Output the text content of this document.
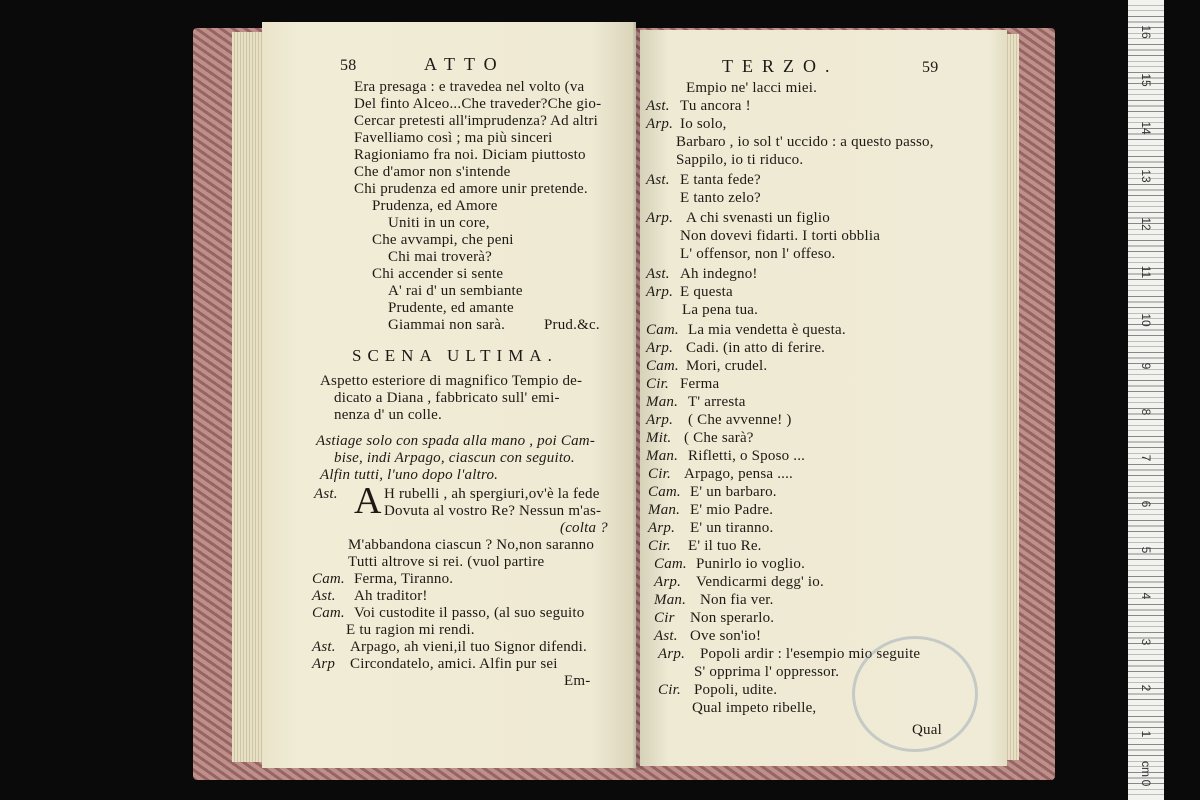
58	ATTO
Era presaga : e travedea nel volto (va
Del finto Alceo...Che traveder?Che gio-
Cercar pretesti all'imprudenza? Ad altri
Favelliamo così ; ma più sinceri
Ragioniamo fra noi. Diciam piuttosto
Che d'amor non s'intende
Chi prudenza ed amore unir pretende.
Prudenza, ed Amore
Uniti in un core,
Che avvampi, che peni
Chi mai troverà?
Chi accender si sente
A' rai d' un sembiante
Prudente, ed amante
Giammai non sarà.	Prud.&c.
SCENA ULTIMA.
Aspetto esteriore di magnifico Tempio de-
dicato a Diana , fabbricato sull' emi-
nenza d' un colle.
Astiage solo con spada alla mano , poi Cam-
bise, indi Arpago, ciascun con seguito.
Alfin tutti, l'uno dopo l'altro.
Ast. A H rubelli , ah spergiuri,ov'è la fede
Dovuta al vostro Re? Nessun m'as-
(colta ?
M'abbandona ciascun ? No,non saranno
Tutti altrove si rei. (vuol partire
Cam. Ferma, Tiranno.
Ast. Ah traditor!
Cam. Voi custodite il passo, (al suo seguito
E tu ragion mi rendi.
Ast. Arpago, ah vieni,il tuo Signor difendi.
Arp Circondatelo, amici. Alfin pur sei
Em-
TERZO.	59
Empio ne' lacci miei.
Ast. Tu ancora !
Arp. Io solo,
Barbaro , io sol t' uccido : a questo passo,
Sappilo, io ti riduco.
Ast. E tanta fede?
E tanto zelo?
Arp. A chi svenasti un figlio
Non dovevi fidarti. I torti obblia
L' offensor, non l' offeso.
Ast. Ah indegno!
Arp. E questa
La pena tua.
Cam. La mia vendetta è questa.
Arp. Cadi. (in atto di ferire.
Cam. Mori, crudel.
Cir. Ferma
Man. T' arresta
Arp. ( Che avvenne! )
Mit. ( Che sarà?
Man. Rifletti, o Sposo ...
Cir. Arpago, pensa ....
Cam. E' un barbaro.
Man. E' mio Padre.
Arp. E' un tiranno.
Cir. E' il tuo Re.
Cam. Punirlo io voglio.
Arp. Vendicarmi degg' io.
Man. Non fia ver.
Cir Non sperarlo.
Ast. Ove son'io!
Arp. Popoli ardir : l'esempio mio seguite
S' opprima l' oppressor.
Cir. Popoli, udite.
Qual impeto ribelle,
Qual
cm
0
1
2
3
4
5
6
7
8
9
10
11
12
13
14
15
16
